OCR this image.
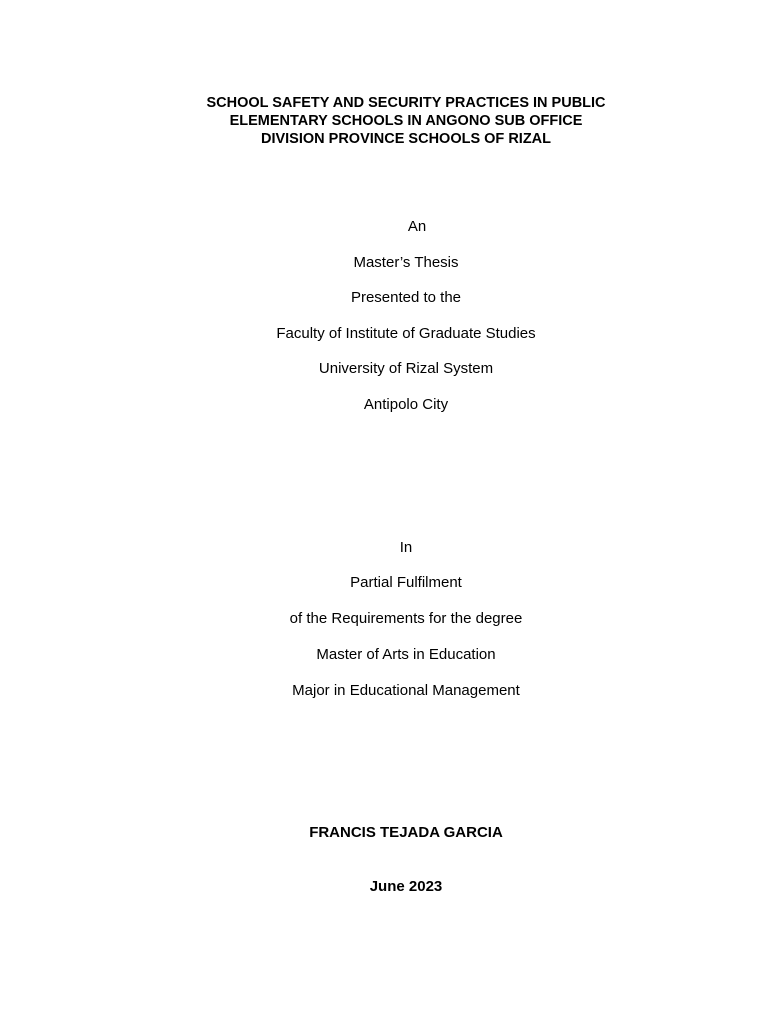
SCHOOL SAFETY AND SECURITY PRACTICES IN PUBLIC
ELEMENTARY SCHOOLS IN ANGONO SUB OFFICE
DIVISION PROVINCE SCHOOLS OF RIZAL
An
Master’s Thesis
Presented to the
Faculty of Institute of Graduate Studies
University of Rizal System
Antipolo City
In
Partial Fulfilment
of the Requirements for the degree
Master of Arts in Education
Major in Educational Management
FRANCIS TEJADA GARCIA
June 2023
